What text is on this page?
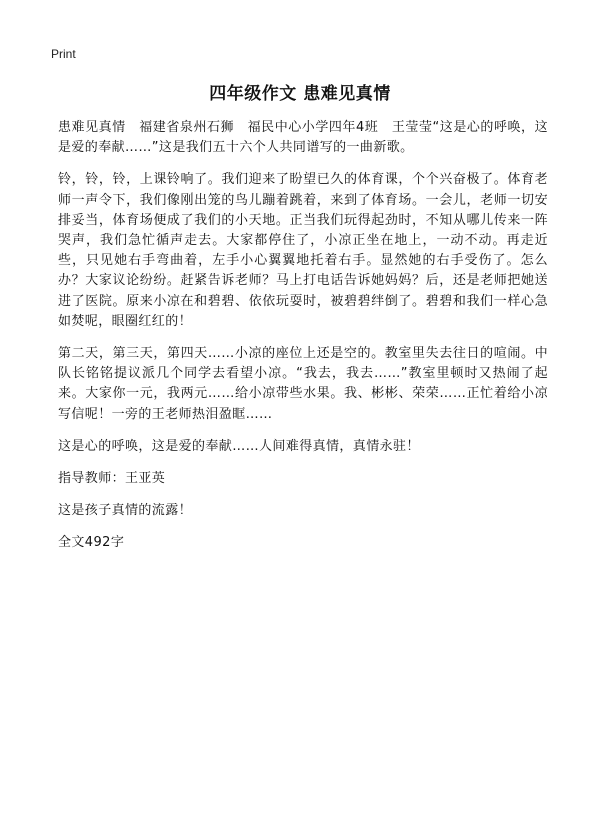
Print
四年级作文 患难见真情

患难见真情　福建省泉州石狮　福民中心小学四年4班　王莹莹“这是心的呼唤，这是爱的奉献……”这是我们五十六个人共同谱写的一曲新歌。

铃，铃，铃，上课铃响了。我们迎来了盼望已久的体育课，个个兴奋极了。体育老师一声令下，我们像刚出笼的鸟儿蹦着跳着，来到了体育场。一会儿，老师一切安排妥当，体育场便成了我们的小天地。正当我们玩得起劲时，不知从哪儿传来一阵哭声，我们急忙循声走去。大家都停住了，小凉正坐在地上，一动不动。再走近些，只见她右手弯曲着，左手小心翼翼地托着右手。显然她的右手受伤了。怎么办？大家议论纷纷。赶紧告诉老师？马上打电话告诉她妈妈？后，还是老师把她送进了医院。原来小凉在和碧碧、依依玩耍时，被碧碧绊倒了。碧碧和我们一样心急如焚呢，眼圈红红的！

第二天，第三天，第四天……小凉的座位上还是空的。教室里失去往日的喧闹。中队长铭铭提议派几个同学去看望小凉。“我去，我去……”教室里顿时又热闹了起来。大家你一元，我两元……给小凉带些水果。我、彬彬、荣荣……正忙着给小凉写信呢！一旁的王老师热泪盈眶……

这是心的呼唤，这是爱的奉献……人间难得真情，真情永驻！

指导教师：王亚英

这是孩子真情的流露！

全文492字
